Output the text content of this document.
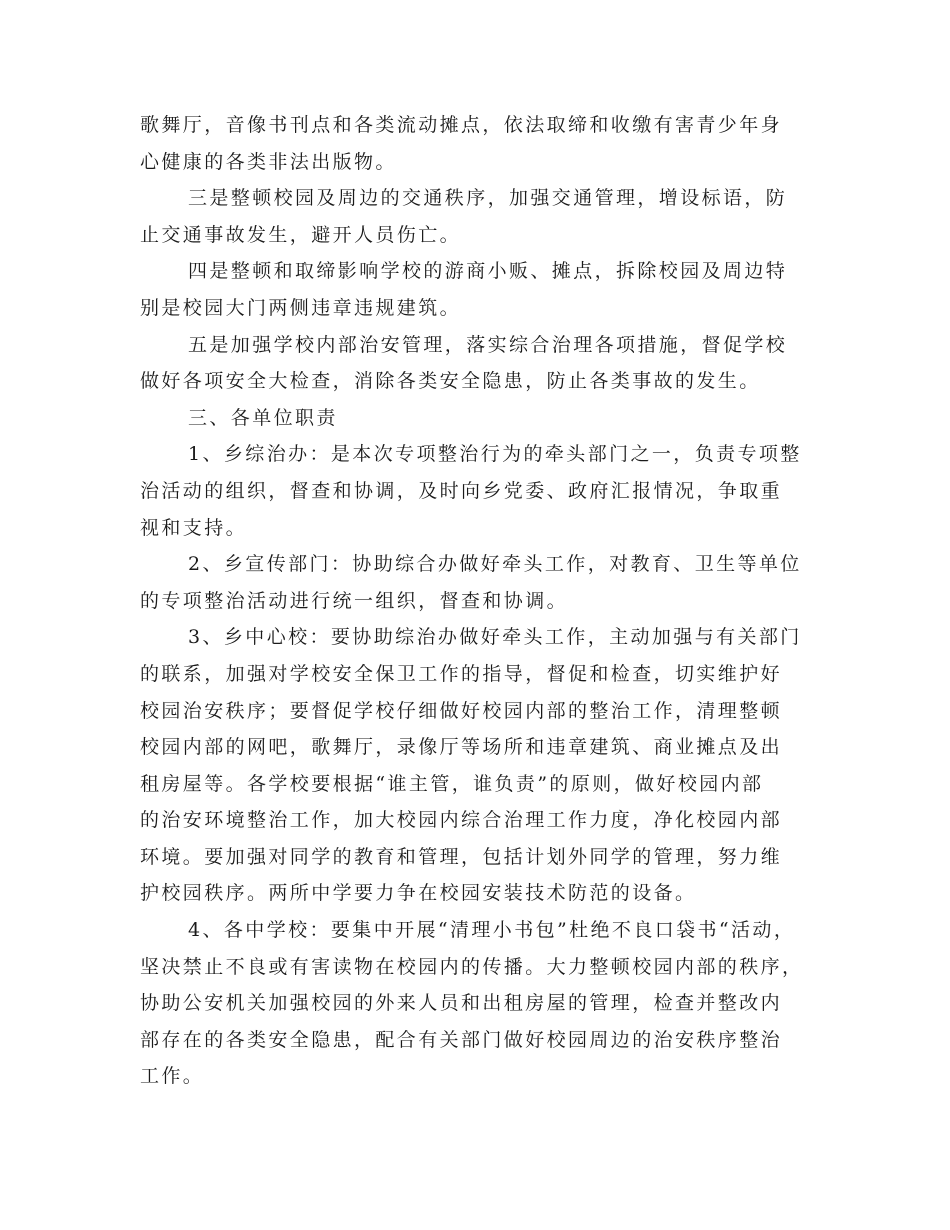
歌舞厅，音像书刊点和各类流动摊点，依法取缔和收缴有害青少年身
心健康的各类非法出版物。
三是整顿校园及周边的交通秩序，加强交通管理，增设标语，防
止交通事故发生，避开人员伤亡。
四是整顿和取缔影响学校的游商小贩、摊点，拆除校园及周边特
别是校园大门两侧违章违规建筑。
五是加强学校内部治安管理，落实综合治理各项措施，督促学校
做好各项安全大检查，消除各类安全隐患，防止各类事故的发生。
三、各单位职责
1、乡综治办：是本次专项整治行为的牵头部门之一，负责专项整
治活动的组织，督查和协调，及时向乡党委、政府汇报情况，争取重
视和支持。
2、乡宣传部门：协助综合办做好牵头工作，对教育、卫生等单位
的专项整治活动进行统一组织，督查和协调。
3、乡中心校：要协助综治办做好牵头工作，主动加强与有关部门
的联系，加强对学校安全保卫工作的指导，督促和检查，切实维护好
校园治安秩序；要督促学校仔细做好校园内部的整治工作，清理整顿
校园内部的网吧，歌舞厅，录像厅等场所和违章建筑、商业摊点及出
租房屋等。各学校要根据“谁主管，谁负责”的原则，做好校园内部
的治安环境整治工作，加大校园内综合治理工作力度，净化校园内部
环境。要加强对同学的教育和管理，包括计划外同学的管理，努力维
护校园秩序。两所中学要力争在校园安装技术防范的设备。
4、各中学校：要集中开展“清理小书包”杜绝不良口袋书“活动，
坚决禁止不良或有害读物在校园内的传播。大力整顿校园内部的秩序，
协助公安机关加强校园的外来人员和出租房屋的管理，检查并整改内
部存在的各类安全隐患，配合有关部门做好校园周边的治安秩序整治
工作。
